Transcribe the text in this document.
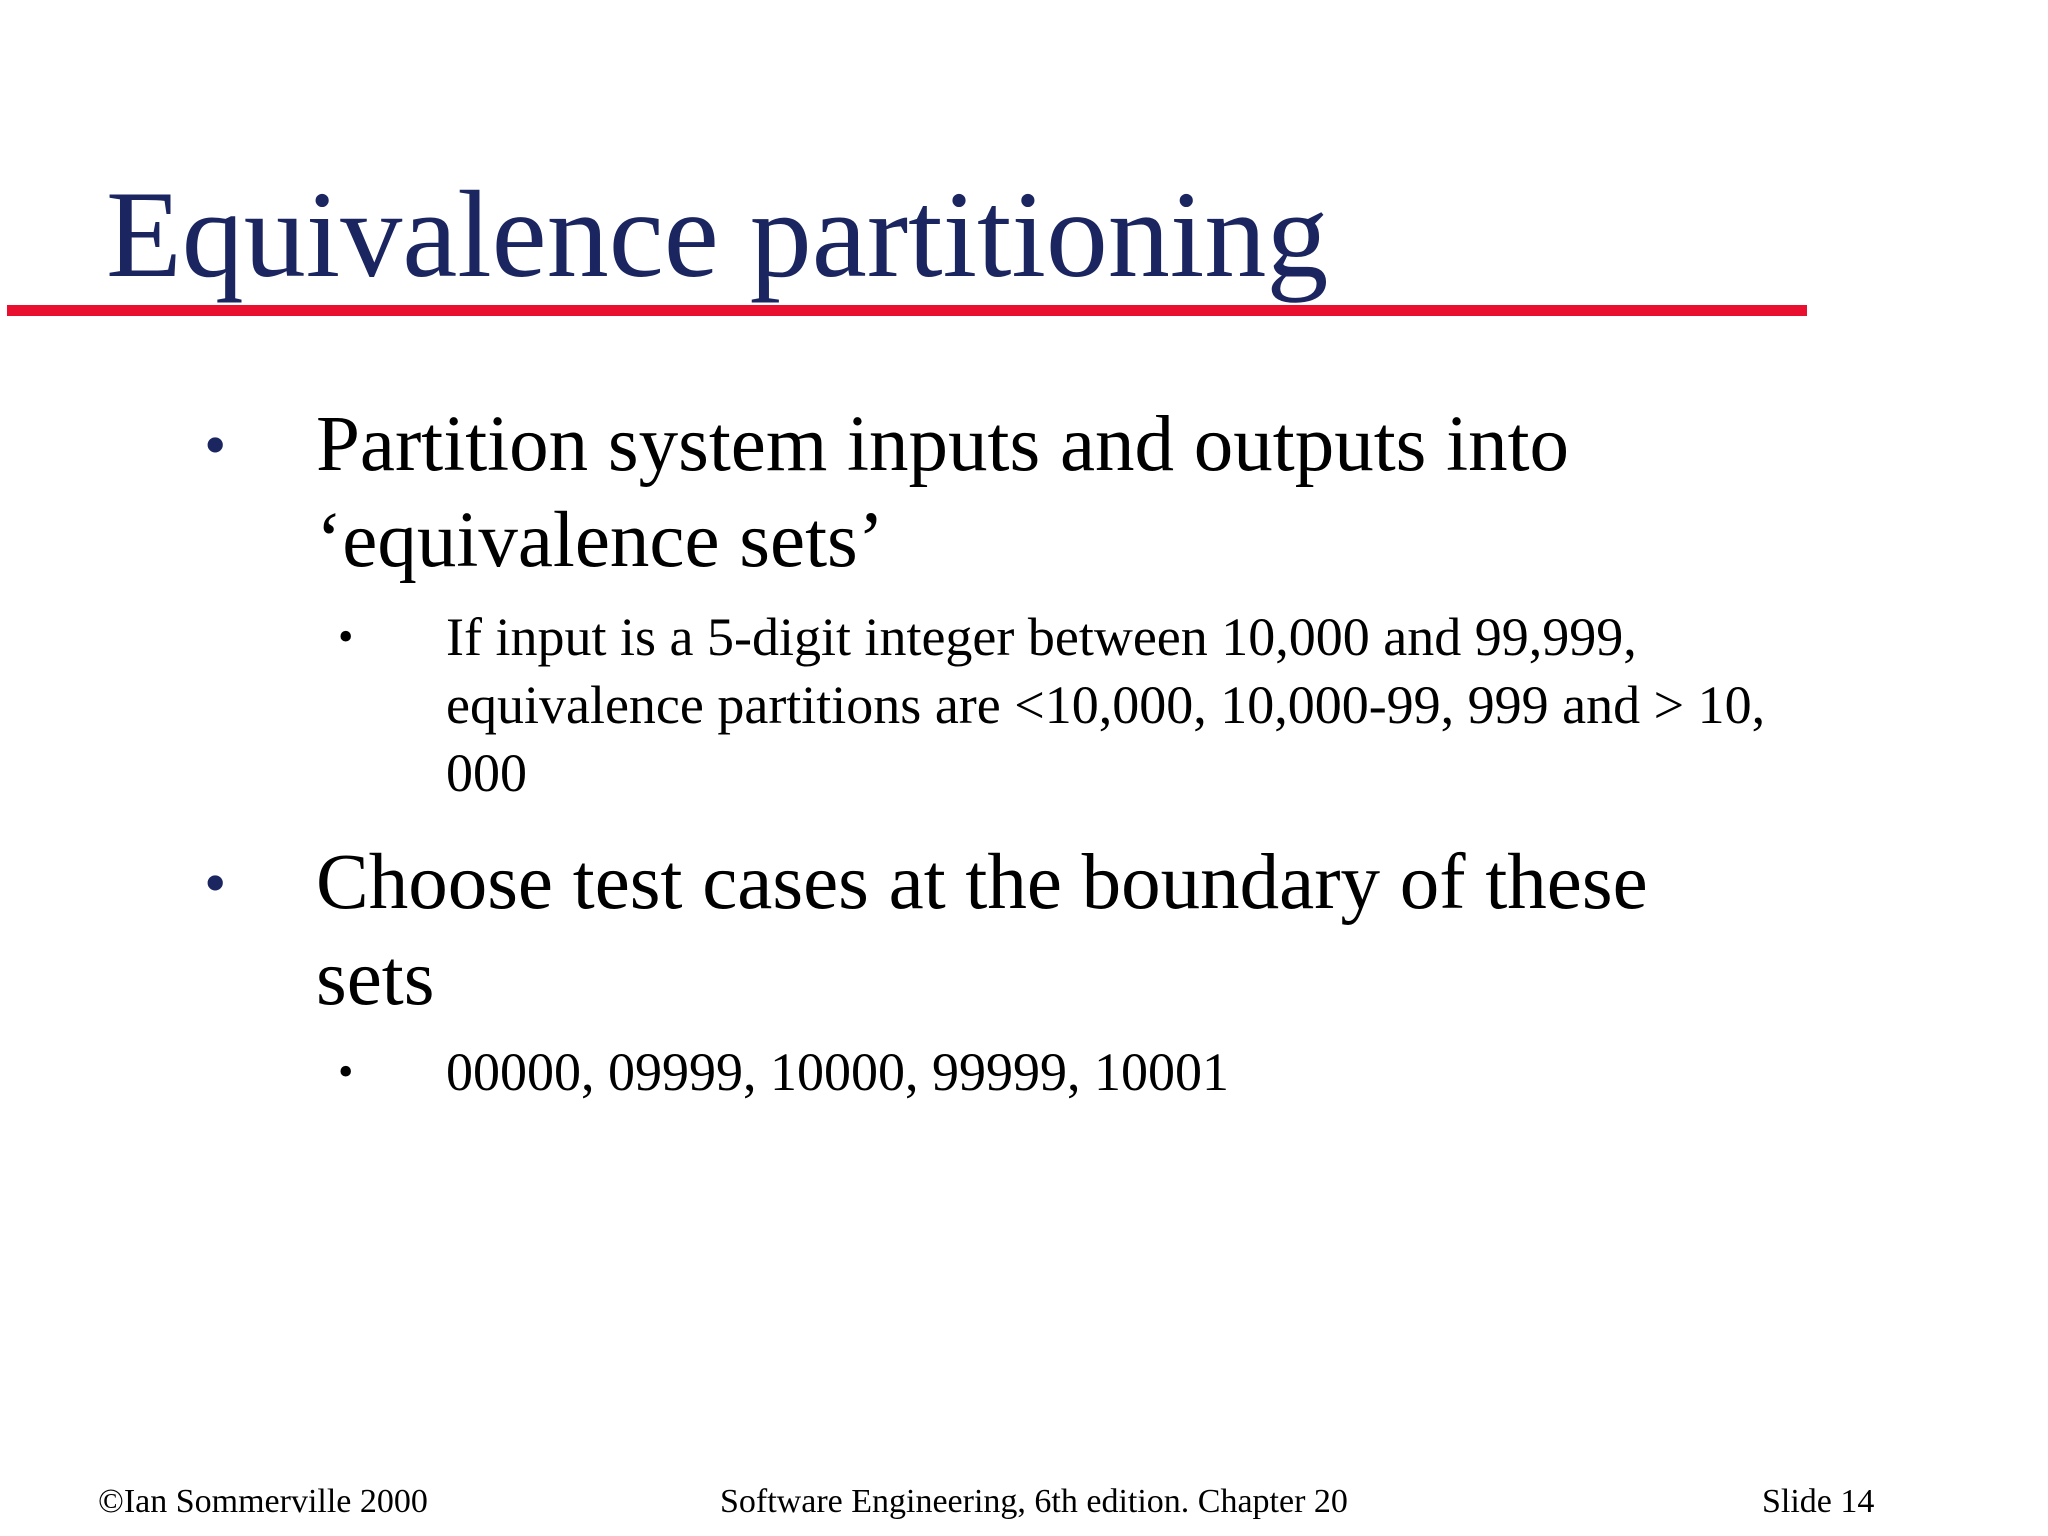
Equivalence partitioning
•	Partition system inputs and outputs into ‘equivalence sets’
•	If input is a 5-digit integer between 10,000 and 99,999, equivalence partitions are <10,000, 10,000-99, 999 and > 10, 000
•	Choose test cases at the boundary of these sets
•	00000, 09999, 10000, 99999, 10001
©Ian Sommerville 2000	Software Engineering, 6th edition. Chapter 20	Slide 14
